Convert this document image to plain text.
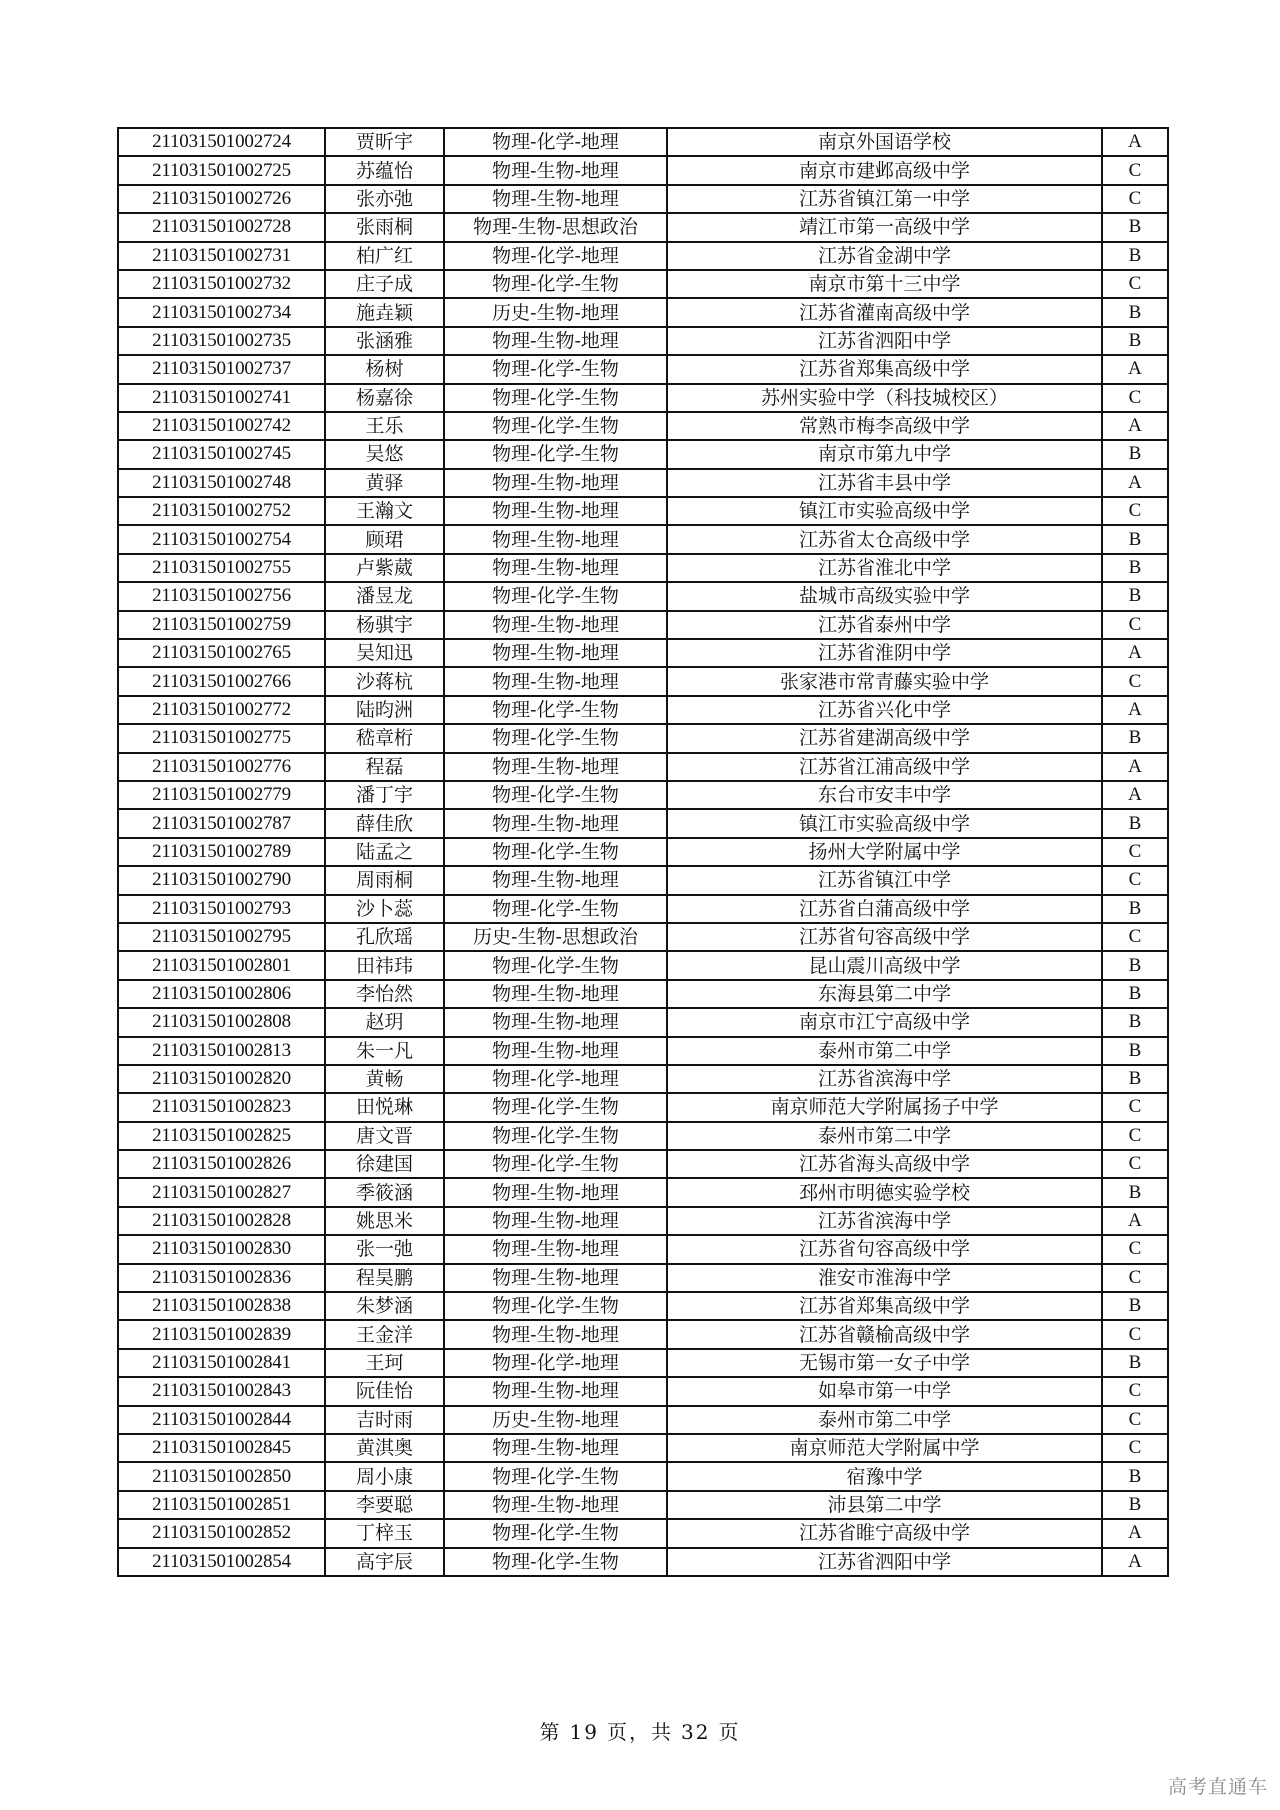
211031501002724	贾昕宇	物理-化学-地理	南京外国语学校	A
211031501002725	苏蕴怡	物理-生物-地理	南京市建邺高级中学	C
211031501002726	张亦弛	物理-生物-地理	江苏省镇江第一中学	C
211031501002728	张雨桐	物理-生物-思想政治	靖江市第一高级中学	B
211031501002731	柏广红	物理-化学-地理	江苏省金湖中学	B
211031501002732	庄子成	物理-化学-生物	南京市第十三中学	C
211031501002734	施垚颖	历史-生物-地理	江苏省灌南高级中学	B
211031501002735	张涵雅	物理-生物-地理	江苏省泗阳中学	B
211031501002737	杨树	物理-化学-生物	江苏省郑集高级中学	A
211031501002741	杨嘉徐	物理-化学-生物	苏州实验中学（科技城校区）	C
211031501002742	王乐	物理-化学-生物	常熟市梅李高级中学	A
211031501002745	吴悠	物理-化学-生物	南京市第九中学	B
211031501002748	黄驿	物理-生物-地理	江苏省丰县中学	A
211031501002752	王瀚文	物理-生物-地理	镇江市实验高级中学	C
211031501002754	顾珺	物理-生物-地理	江苏省太仓高级中学	B
211031501002755	卢紫葳	物理-生物-地理	江苏省淮北中学	B
211031501002756	潘昱龙	物理-化学-生物	盐城市高级实验中学	B
211031501002759	杨骐宇	物理-生物-地理	江苏省泰州中学	C
211031501002765	吴知迅	物理-生物-地理	江苏省淮阴中学	A
211031501002766	沙蒋杭	物理-生物-地理	张家港市常青藤实验中学	C
211031501002772	陆昀洲	物理-化学-生物	江苏省兴化中学	A
211031501002775	嵇章桁	物理-化学-生物	江苏省建湖高级中学	B
211031501002776	程磊	物理-生物-地理	江苏省江浦高级中学	A
211031501002779	潘丁宇	物理-化学-生物	东台市安丰中学	A
211031501002787	薛佳欣	物理-生物-地理	镇江市实验高级中学	B
211031501002789	陆孟之	物理-化学-生物	扬州大学附属中学	C
211031501002790	周雨桐	物理-生物-地理	江苏省镇江中学	C
211031501002793	沙卜蕊	物理-化学-生物	江苏省白蒲高级中学	B
211031501002795	孔欣瑶	历史-生物-思想政治	江苏省句容高级中学	C
211031501002801	田祎玮	物理-化学-生物	昆山震川高级中学	B
211031501002806	李怡然	物理-生物-地理	东海县第二中学	B
211031501002808	赵玥	物理-生物-地理	南京市江宁高级中学	B
211031501002813	朱一凡	物理-生物-地理	泰州市第二中学	B
211031501002820	黄畅	物理-化学-地理	江苏省滨海中学	B
211031501002823	田悦琳	物理-化学-生物	南京师范大学附属扬子中学	C
211031501002825	唐文晋	物理-化学-生物	泰州市第二中学	C
211031501002826	徐建国	物理-化学-生物	江苏省海头高级中学	C
211031501002827	季筱涵	物理-生物-地理	邳州市明德实验学校	B
211031501002828	姚思米	物理-生物-地理	江苏省滨海中学	A
211031501002830	张一弛	物理-生物-地理	江苏省句容高级中学	C
211031501002836	程昊鹏	物理-生物-地理	淮安市淮海中学	C
211031501002838	朱梦涵	物理-化学-生物	江苏省郑集高级中学	B
211031501002839	王金洋	物理-生物-地理	江苏省赣榆高级中学	C
211031501002841	王珂	物理-化学-地理	无锡市第一女子中学	B
211031501002843	阮佳怡	物理-生物-地理	如皋市第一中学	C
211031501002844	吉时雨	历史-生物-地理	泰州市第二中学	C
211031501002845	黄淇奥	物理-生物-地理	南京师范大学附属中学	C
211031501002850	周小康	物理-化学-生物	宿豫中学	B
211031501002851	李要聪	物理-生物-地理	沛县第二中学	B
211031501002852	丁梓玉	物理-化学-生物	江苏省睢宁高级中学	A
211031501002854	高宇辰	物理-化学-生物	江苏省泗阳中学	A
第 19 页，共 32 页
高考直通车
